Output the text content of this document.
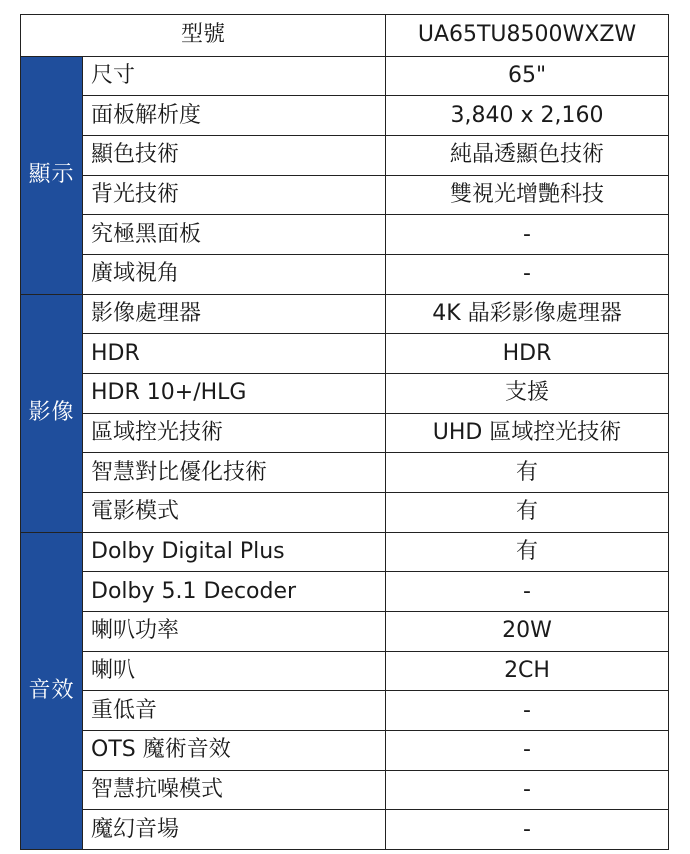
型號		UA65TU8500WXZW
顯示	尺寸	65"
	面板解析度	3,840 x 2,160
	顯色技術	純晶透顯色技術
	背光技術	雙視光增艷科技
	究極黑面板	-
	廣域視角	-
影像	影像處理器	4K 晶彩影像處理器
	HDR	HDR
	HDR 10+/HLG	支援
	區域控光技術	UHD 區域控光技術
	智慧對比優化技術	有
	電影模式	有
音效	Dolby Digital Plus	有
	Dolby 5.1 Decoder	-
	喇叭功率	20W
	喇叭	2CH
	重低音	-
	OTS 魔術音效	-
	智慧抗噪模式	-
	魔幻音場	-
